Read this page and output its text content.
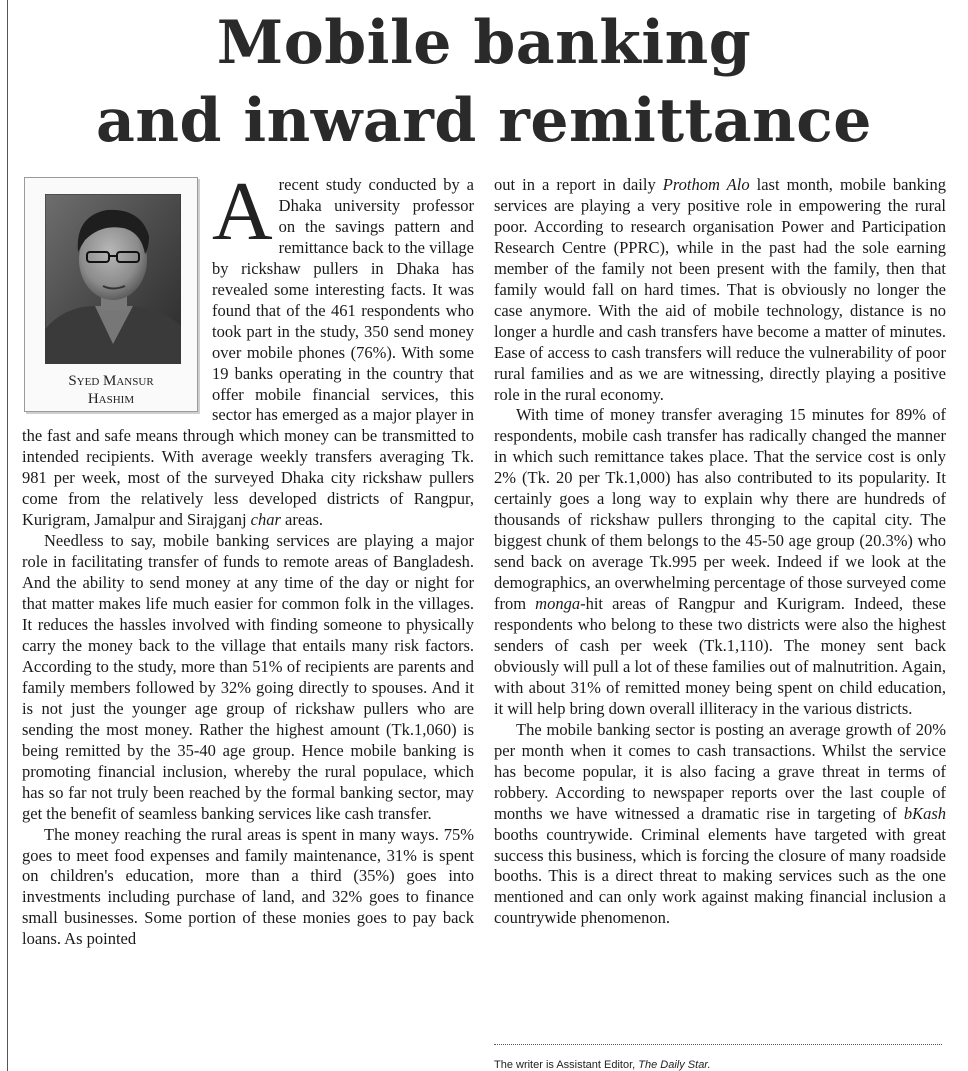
Mobile banking
and inward remittance
Syed Mansur
Hashim

A recent study conducted by a Dhaka university professor on the savings pattern and remittance back to the village by rickshaw pullers in Dhaka has revealed some interesting facts. It was found that of the 461 respondents who took part in the study, 350 send money over mobile phones (76%). With some 19 banks operating in the country that offer mobile financial services, this sector has emerged as a major player in the fast and safe means through which money can be transmitted to intended recipients. With average weekly transfers averaging Tk. 981 per week, most of the surveyed Dhaka city rickshaw pullers come from the relatively less developed districts of Rangpur, Kurigram, Jamalpur and Sirajganj char areas.

Needless to say, mobile banking services are playing a major role in facilitating transfer of funds to remote areas of Bangladesh. And the ability to send money at any time of the day or night for that matter makes life much easier for common folk in the villages. It reduces the hassles involved with finding someone to physically carry the money back to the village that entails many risk factors. According to the study, more than 51% of recipients are parents and family members followed by 32% going directly to spouses. And it is not just the younger age group of rickshaw pullers who are sending the most money. Rather the highest amount (Tk.1,060) is being remitted by the 35-40 age group. Hence mobile banking is promoting financial inclusion, whereby the rural populace, which has so far not truly been reached by the formal banking sector, may get the benefit of seamless banking services like cash transfer.

The money reaching the rural areas is spent in many ways. 75% goes to meet food expenses and family maintenance, 31% is spent on children's education, more than a third (35%) goes into investments including purchase of land, and 32% goes to finance small businesses. Some portion of these monies goes to pay back loans. As pointed

out in a report in daily Prothom Alo last month, mobile banking services are playing a very positive role in empowering the rural poor. According to research organisation Power and Participation Research Centre (PPRC), while in the past had the sole earning member of the family not been present with the family, then that family would fall on hard times. That is obviously no longer the case anymore. With the aid of mobile technology, distance is no longer a hurdle and cash transfers have become a matter of minutes. Ease of access to cash transfers will reduce the vulnerability of poor rural families and as we are witnessing, directly playing a positive role in the rural economy.

With time of money transfer averaging 15 minutes for 89% of respondents, mobile cash transfer has radically changed the manner in which such remittance takes place. That the service cost is only 2% (Tk. 20 per Tk.1,000) has also contributed to its popularity. It certainly goes a long way to explain why there are hundreds of thousands of rickshaw pullers thronging to the capital city. The biggest chunk of them belongs to the 45-50 age group (20.3%) who send back on average Tk.995 per week. Indeed if we look at the demographics, an overwhelming percentage of those surveyed come from monga-hit areas of Rangpur and Kurigram. Indeed, these respondents who belong to these two districts were also the highest senders of cash per week (Tk.1,110). The money sent back obviously will pull a lot of these families out of malnutrition. Again, with about 31% of remitted money being spent on child education, it will help bring down overall illiteracy in the various districts.

The mobile banking sector is posting an average growth of 20% per month when it comes to cash transactions. Whilst the service has become popular, it is also facing a grave threat in terms of robbery. According to newspaper reports over the last couple of months we have witnessed a dramatic rise in targeting of bKash booths countrywide. Criminal elements have targeted with great success this business, which is forcing the closure of many roadside booths. This is a direct threat to making services such as the one mentioned and can only work against making financial inclusion a countrywide phenomenon.

The writer is Assistant Editor, The Daily Star.
